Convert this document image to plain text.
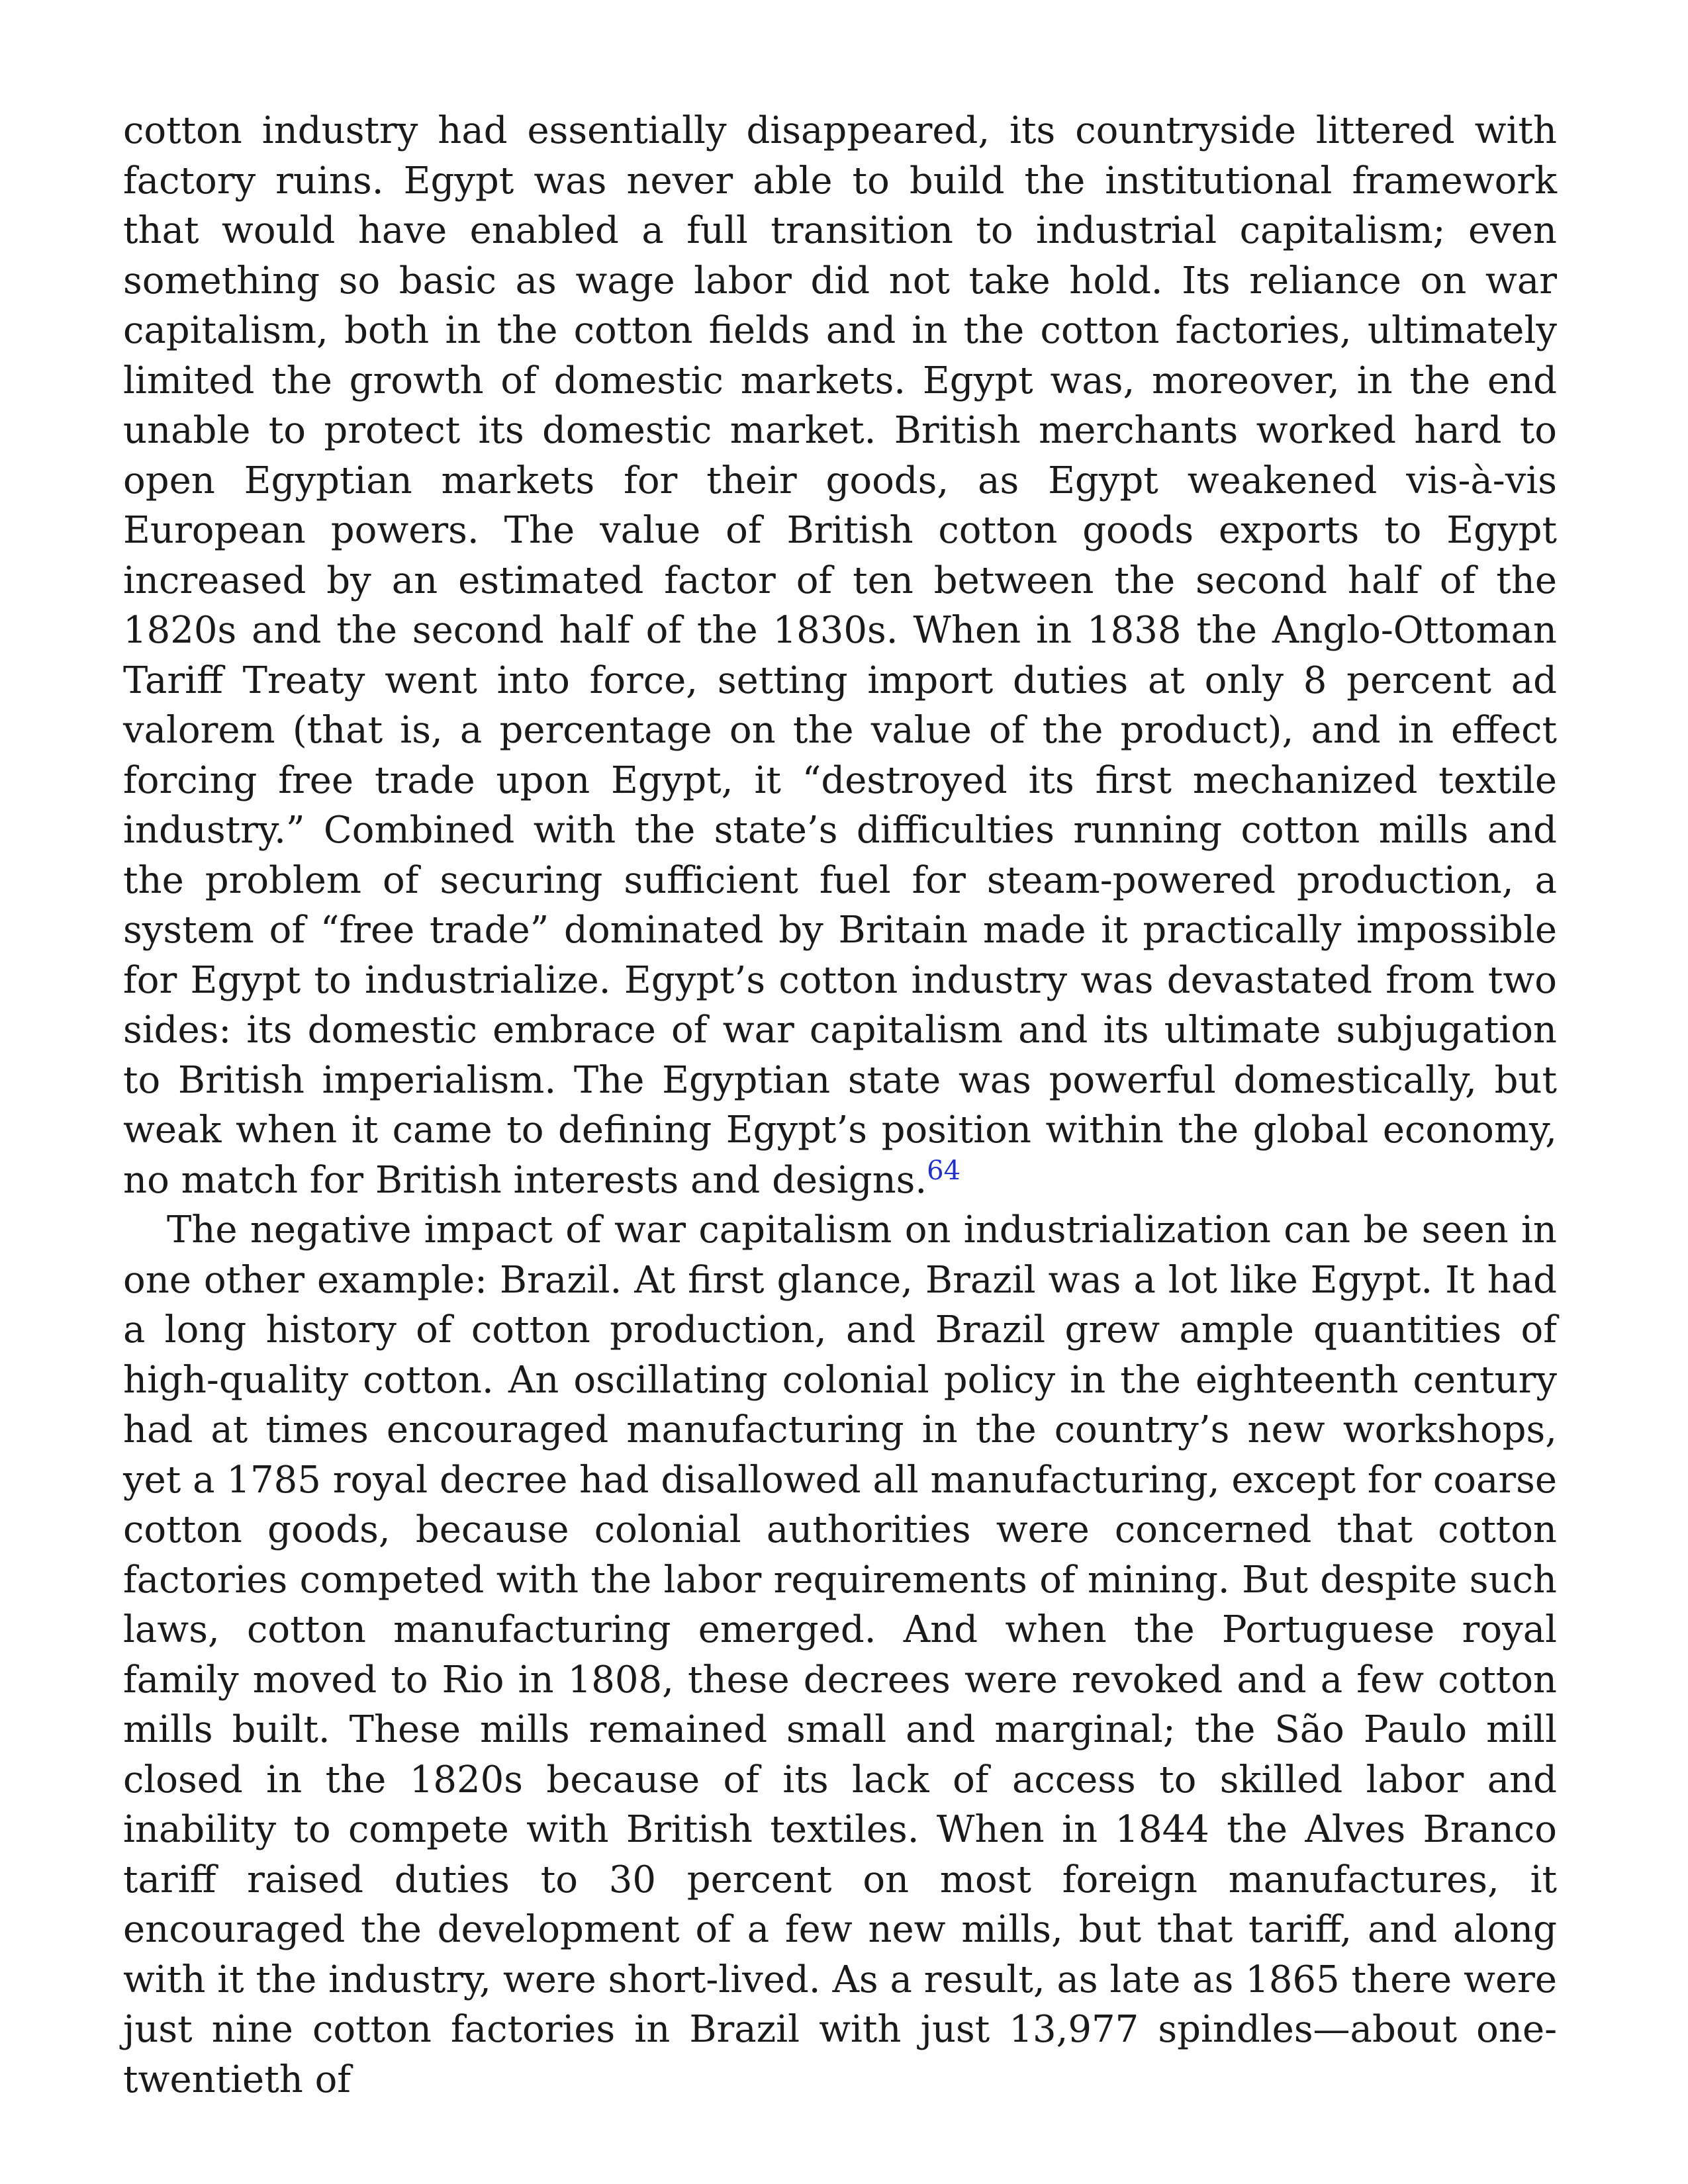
cotton industry had essentially disappeared, its countryside littered with factory ruins. Egypt was never able to build the institutional framework that would have enabled a full transition to industrial capitalism; even something so basic as wage labor did not take hold. Its reliance on war capitalism, both in the cotton fields and in the cotton factories, ultimately limited the growth of domestic markets. Egypt was, moreover, in the end unable to protect its domestic market. British merchants worked hard to open Egyptian markets for their goods, as Egypt weakened vis-à-vis European powers. The value of British cotton goods exports to Egypt increased by an estimated factor of ten between the second half of the 1820s and the second half of the 1830s. When in 1838 the Anglo-Ottoman Tariff Treaty went into force, setting import duties at only 8 percent ad valorem (that is, a percentage on the value of the product), and in effect forcing free trade upon Egypt, it “destroyed its first mechanized textile industry.” Combined with the state’s difficulties running cotton mills and the problem of securing sufficient fuel for steam-powered production, a system of “free trade” dominated by Britain made it practically impossible for Egypt to industrialize. Egypt’s cotton industry was devastated from two sides: its domestic embrace of war capitalism and its ultimate subjugation to British imperialism. The Egyptian state was powerful domestically, but weak when it came to defining Egypt’s position within the global economy, no match for British interests and designs.$^{64}$

The negative impact of war capitalism on industrialization can be seen in one other example: Brazil. At first glance, Brazil was a lot like Egypt. It had a long history of cotton production, and Brazil grew ample quantities of high-quality cotton. An oscillating colonial policy in the eighteenth century had at times encouraged manufacturing in the country’s new workshops, yet a 1785 royal decree had disallowed all manufacturing, except for coarse cotton goods, because colonial authorities were concerned that cotton factories competed with the labor requirements of mining. But despite such laws, cotton manufacturing emerged. And when the Portuguese royal family moved to Rio in 1808, these decrees were revoked and a few cotton mills built. These mills remained small and marginal; the São Paulo mill closed in the 1820s because of its lack of access to skilled labor and inability to compete with British textiles. When in 1844 the Alves Branco tariff raised duties to 30 percent on most foreign manufactures, it encouraged the development of a few new mills, but that tariff, and along with it the industry, were short-lived. As a result, as late as 1865 there were just nine cotton factories in Brazil with just 13,977 spindles—about one-twentieth of
